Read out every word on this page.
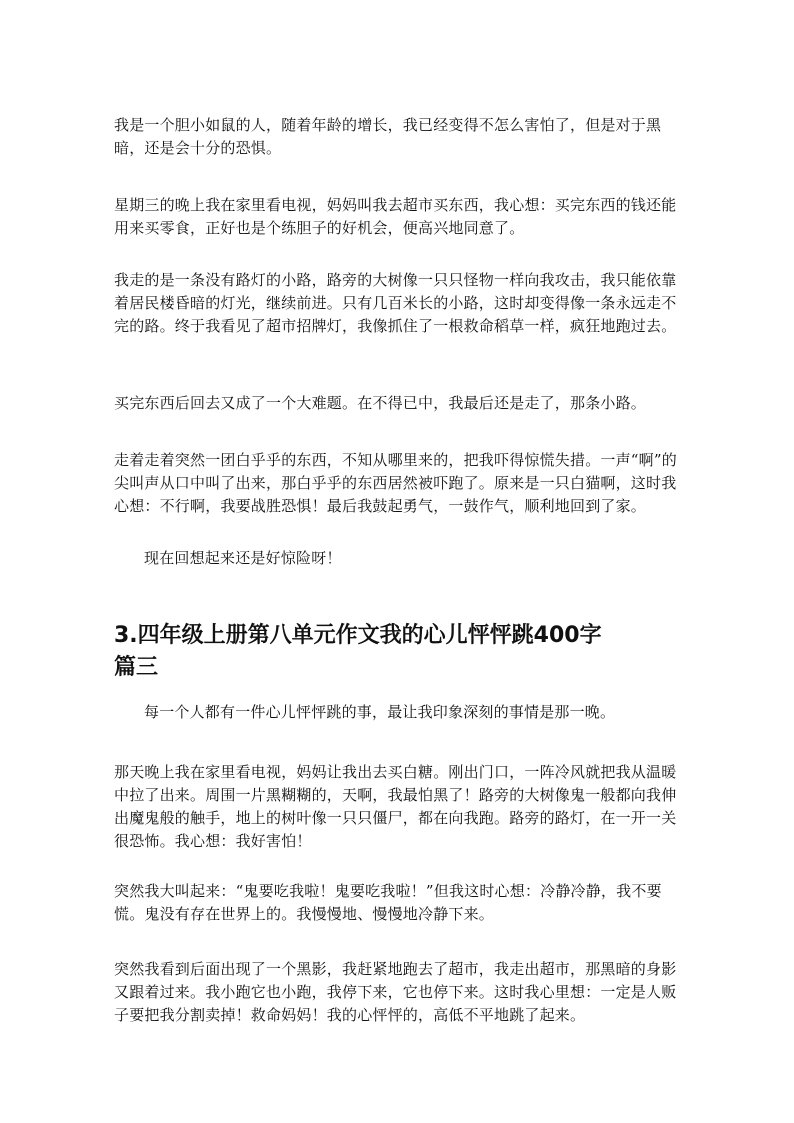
我是一个胆小如鼠的人，随着年龄的增长，我已经变得不怎么害怕了，但是对于黑暗，还是会十分的恐惧。

星期三的晚上我在家里看电视，妈妈叫我去超市买东西，我心想：买完东西的钱还能用来买零食，正好也是个练胆子的好机会，便高兴地同意了。

我走的是一条没有路灯的小路，路旁的大树像一只只怪物一样向我攻击，我只能依靠着居民楼昏暗的灯光，继续前进。只有几百米长的小路，这时却变得像一条永远走不完的路。终于我看见了超市招牌灯，我像抓住了一根救命稻草一样，疯狂地跑过去。

买完东西后回去又成了一个大难题。在不得已中，我最后还是走了，那条小路。

走着走着突然一团白乎乎的东西，不知从哪里来的，把我吓得惊慌失措。一声“啊”的尖叫声从口中叫了出来，那白乎乎的东西居然被吓跑了。原来是一只白猫啊，这时我心想：不行啊，我要战胜恐惧！最后我鼓起勇气，一鼓作气，顺利地回到了家。

现在回想起来还是好惊险呀！

3.四年级上册第八单元作文我的心儿怦怦跳400字
篇三

每一个人都有一件心儿怦怦跳的事，最让我印象深刻的事情是那一晚。

那天晚上我在家里看电视，妈妈让我出去买白糖。刚出门口，一阵冷风就把我从温暖中拉了出来。周围一片黑糊糊的，天啊，我最怕黑了！路旁的大树像鬼一般都向我伸出魔鬼般的触手，地上的树叶像一只只僵尸，都在向我跑。路旁的路灯，在一开一关很恐怖。我心想：我好害怕！

突然我大叫起来：“鬼要吃我啦！鬼要吃我啦！”但我这时心想：冷静冷静，我不要慌。鬼没有存在世界上的。我慢慢地、慢慢地冷静下来。

突然我看到后面出现了一个黑影，我赶紧地跑去了超市，我走出超市，那黑暗的身影又跟着过来。我小跑它也小跑，我停下来，它也停下来。这时我心里想：一定是人贩子要把我分割卖掉！救命妈妈！我的心怦怦的，高低不平地跳了起来。
